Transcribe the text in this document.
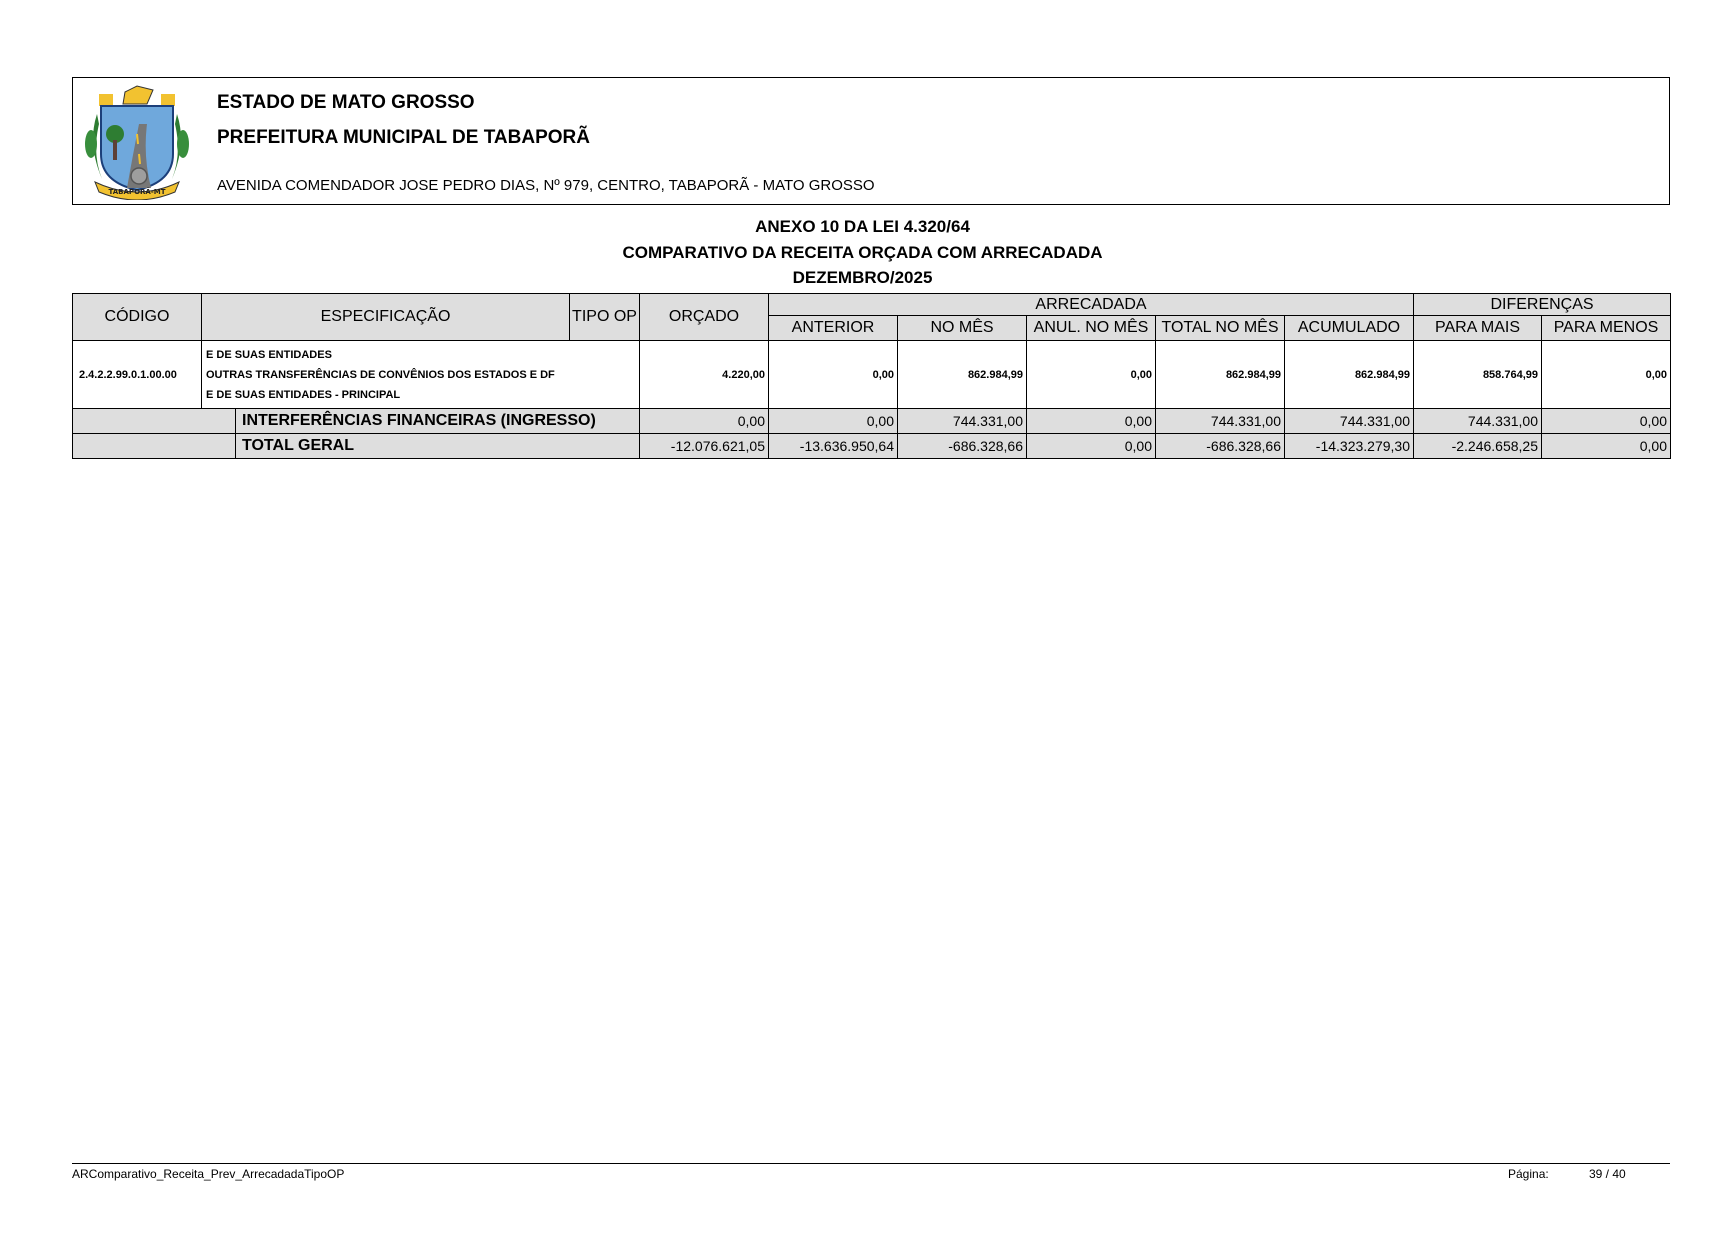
TABAPORÃ-MT
ESTADO DE MATO GROSSO
PREFEITURA MUNICIPAL DE TABAPORÃ
AVENIDA COMENDADOR JOSE PEDRO DIAS, Nº 979, CENTRO, TABAPORÃ - MATO GROSSO
ANEXO 10 DA LEI 4.320/64
COMPARATIVO DA RECEITA ORÇADA COM ARRECADADA
DEZEMBRO/2025
CÓDIGO	ESPECIFICAÇÃO		TIPO OP	ORÇADO	ARRECADADA					DIFERENÇAS	
					ANTERIOR	NO MÊS	ANUL. NO MÊS	TOTAL NO MÊS	ACUMULADO	PARA MAIS	PARA MENOS
2.4.2.2.99.0.1.00.00	E DE SUAS ENTIDADES
OUTRAS TRANSFERÊNCIAS DE CONVÊNIOS DOS ESTADOS E DF
E DE SUAS ENTIDADES - PRINCIPAL			4.220,00	0,00	862.984,99	0,00	862.984,99	862.984,99	858.764,99	0,00
		INTERFERÊNCIAS FINANCEIRAS (INGRESSO)		0,00	0,00	744.331,00	0,00	744.331,00	744.331,00	744.331,00	0,00
		TOTAL GERAL		-12.076.621,05	-13.636.950,64	-686.328,66	0,00	-686.328,66	-14.323.279,30	-2.246.658,25	0,00
ARComparativo_Receita_Prev_ArrecadadaTipoOP	Página:	39 / 40
